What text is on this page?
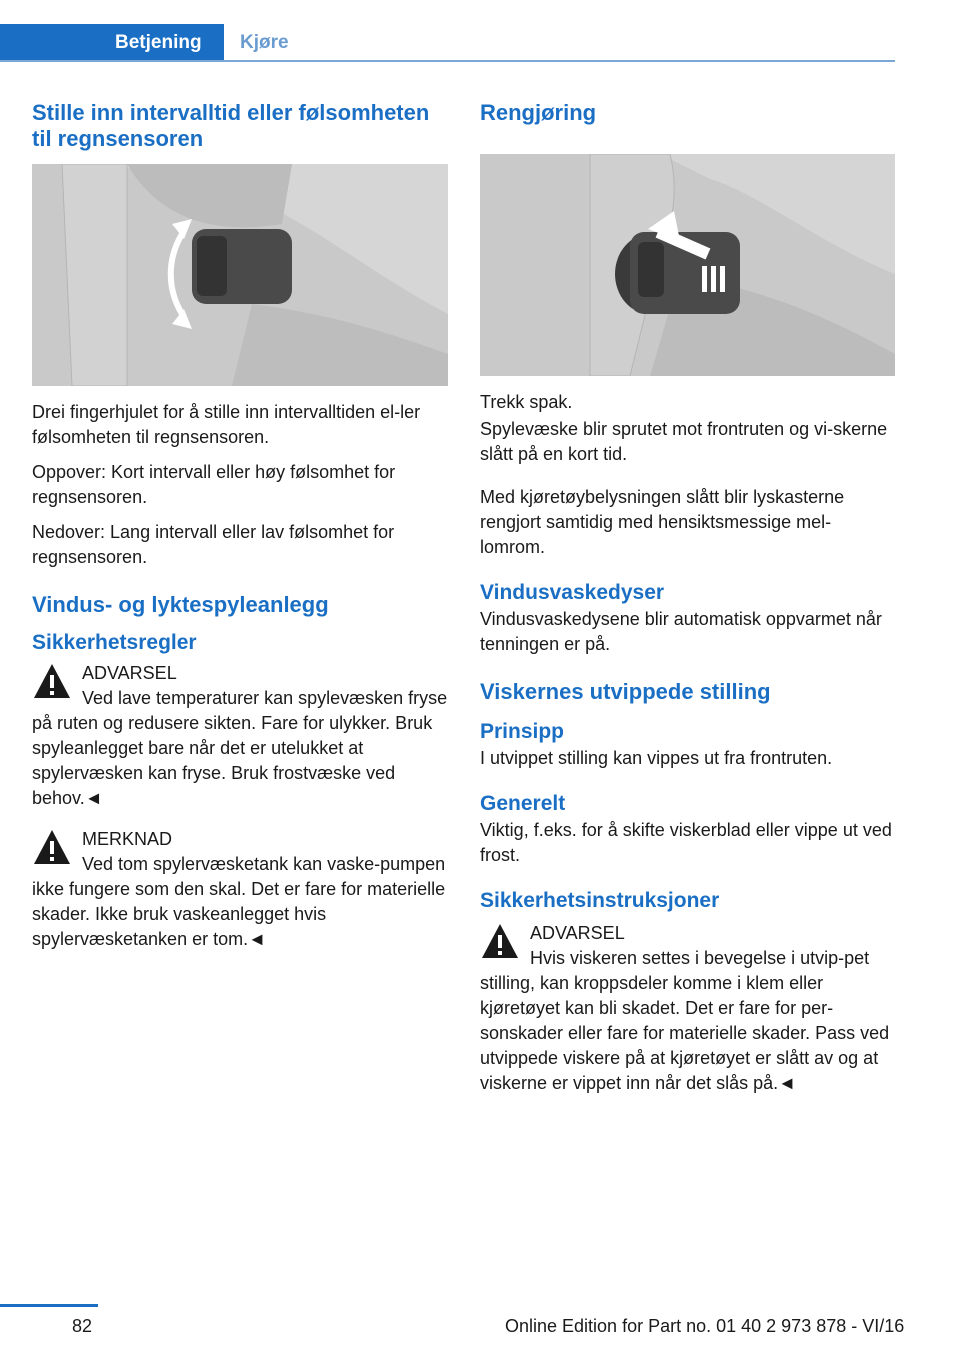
Betjening	Kjøre
Stille inn intervalltid eller følsomheten til regnsensoren

Drei fingerhjulet for å stille inn intervalltiden el-ler følsomheten til regnsensoren.

Oppover: Kort intervall eller høy følsomhet for regnsensoren.

Nedover: Lang intervall eller lav følsomhet for regnsensoren.

Vindus- og lyktespyleanlegg
Sikkerhetsregler
ADVARSEL
Ved lave temperaturer kan spylevæsken fryse på ruten og redusere sikten. Fare for ulykker. Bruk spyleanlegget bare når det er utelukket at spylervæsken kan fryse. Bruk frostvæske ved behov.◄
MERKNAD
Ved tom spylervæsketank kan vaske-pumpen ikke fungere som den skal. Det er fare for materielle skader. Ikke bruk vaskeanlegget hvis spylervæsketanken er tom.◄
Rengjøring

Trekk spak.

Spylevæske blir sprutet mot frontruten og vi-skerne slått på en kort tid.

Med kjøretøybelysningen slått blir lyskasterne rengjort samtidig med hensiktsmessige mel-lomrom.

Vindusvaskedyser

Vindusvaskedysene blir automatisk oppvarmet når tenningen er på.

Viskernes utvippede stilling
Prinsipp

I utvippet stilling kan vippes ut fra frontruten.

Generelt

Viktig, f.eks. for å skifte viskerblad eller vippe ut ved frost.

Sikkerhetsinstruksjoner
ADVARSEL
Hvis viskeren settes i bevegelse i utvip-pet stilling, kan kroppsdeler komme i klem eller kjøretøyet kan bli skadet. Det er fare for per-sonskader eller fare for materielle skader. Pass ved utvippede viskere på at kjøretøyet er slått av og at viskerne er vippet inn når det slås på.◄
82	Online Edition for Part no. 01 40 2 973 878 - VI/16
